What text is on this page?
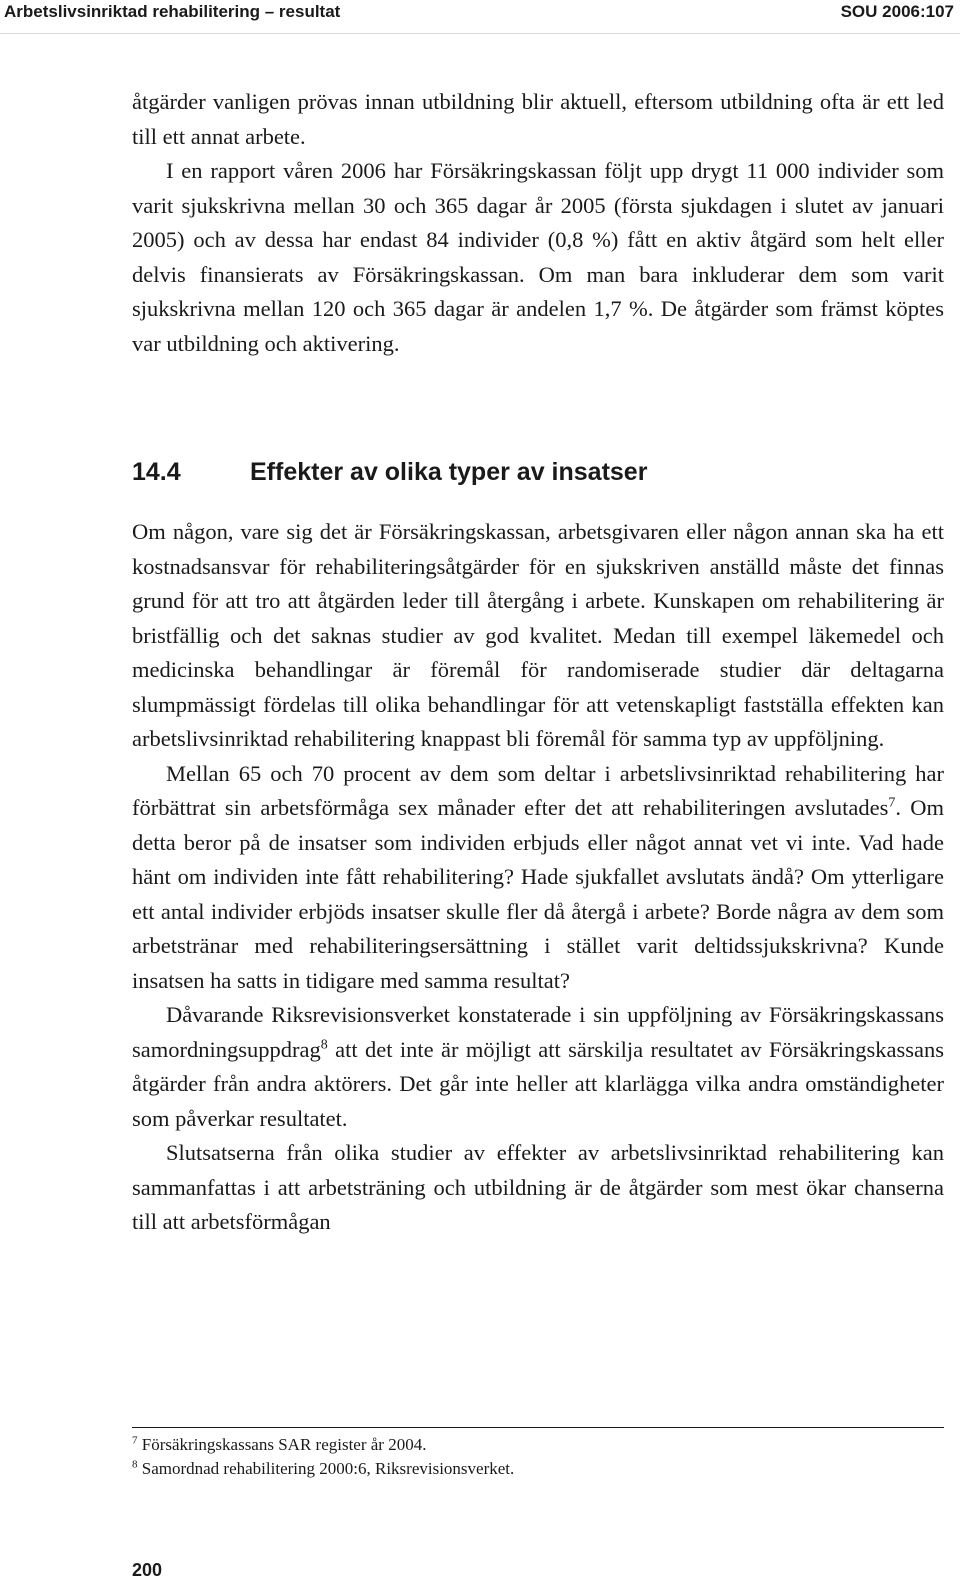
Arbetslivsinriktad rehabilitering – resultat	SOU 2006:107

åtgärder vanligen prövas innan utbildning blir aktuell, eftersom utbildning ofta är ett led till ett annat arbete.

I en rapport våren 2006 har Försäkringskassan följt upp drygt 11 000 individer som varit sjukskrivna mellan 30 och 365 dagar år 2005 (första sjukdagen i slutet av januari 2005) och av dessa har endast 84 individer (0,8 %) fått en aktiv åtgärd som helt eller delvis finansierats av Försäkringskassan. Om man bara inkluderar dem som varit sjukskrivna mellan 120 och 365 dagar är andelen 1,7 %. De åtgärder som främst köptes var utbildning och aktivering.

14.4	Effekter av olika typer av insatser

Om någon, vare sig det är Försäkringskassan, arbetsgivaren eller någon annan ska ha ett kostnadsansvar för rehabiliteringsåtgärder för en sjukskriven anställd måste det finnas grund för att tro att åtgärden leder till återgång i arbete. Kunskapen om rehabilitering är bristfällig och det saknas studier av god kvalitet. Medan till exempel läkemedel och medicinska behandlingar är föremål för randomiserade studier där deltagarna slumpmässigt fördelas till olika behandlingar för att vetenskapligt fastställa effekten kan arbetslivsinriktad rehabilitering knappast bli föremål för samma typ av uppföljning.

Mellan 65 och 70 procent av dem som deltar i arbetslivsinriktad rehabilitering har förbättrat sin arbetsförmåga sex månader efter det att rehabiliteringen avslutades$^7$. Om detta beror på de insatser som individen erbjuds eller något annat vet vi inte. Vad hade hänt om individen inte fått rehabilitering? Hade sjukfallet avslutats ändå? Om ytterligare ett antal individer erbjöds insatser skulle fler då återgå i arbete? Borde några av dem som arbetstränar med rehabiliteringsersättning i stället varit deltidssjukskrivna? Kunde insatsen ha satts in tidigare med samma resultat?

Dåvarande Riksrevisionsverket konstaterade i sin uppföljning av Försäkringskassans samordningsuppdrag$^8$ att det inte är möjligt att särskilja resultatet av Försäkringskassans åtgärder från andra aktörers. Det går inte heller att klarlägga vilka andra omständigheter som påverkar resultatet.

Slutsatserna från olika studier av effekter av arbetslivsinriktad rehabilitering kan sammanfattas i att arbetsträning och utbildning är de åtgärder som mest ökar chanserna till att arbetsförmågan

$^7$ Försäkringskassans SAR register år 2004.
$^8$ Samordnad rehabilitering 2000:6, Riksrevisionsverket.
200
